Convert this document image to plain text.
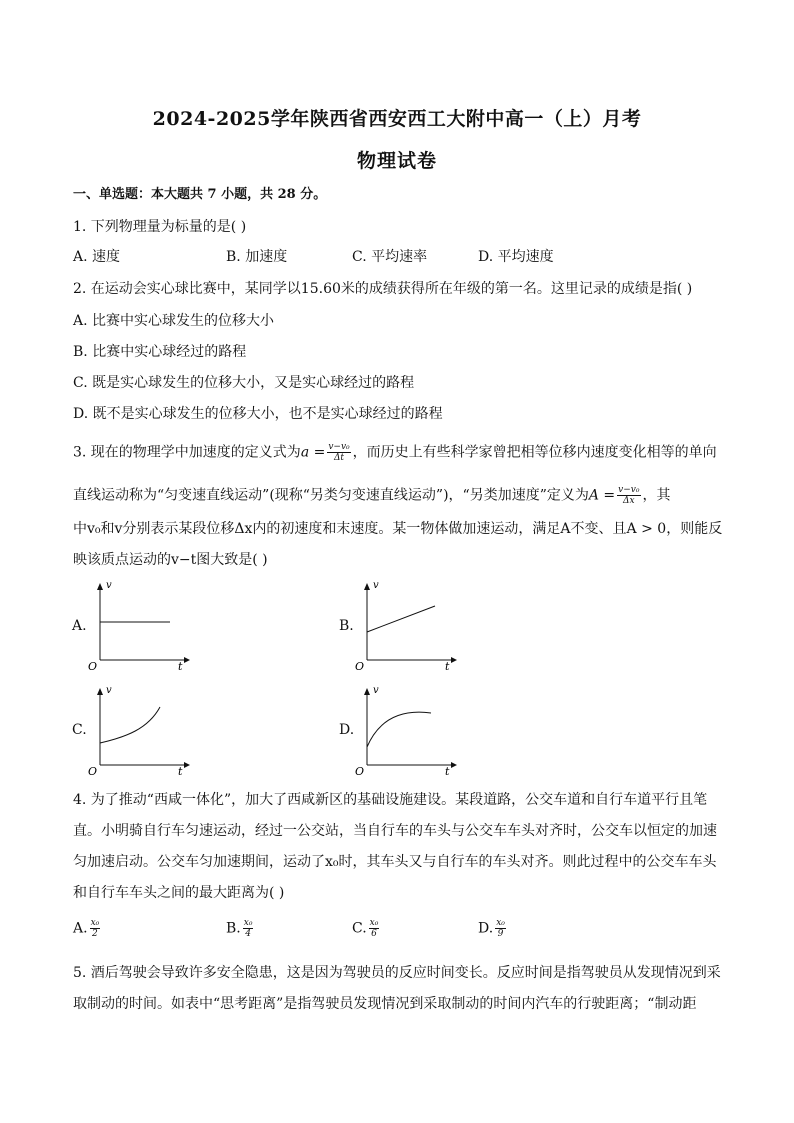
2024-2025学年陕西省西安西工大附中高一（上）月考
物理试卷
一、单选题：本大题共 7 小题，共 28 分。
1. 下列物理量为标量的是( )
A. 速度	B. 加速度	C. 平均速率	D. 平均速度
2. 在运动会实心球比赛中，某同学以15.60米的成绩获得所在年级的第一名。这里记录的成绩是指( )
A. 比赛中实心球发生的位移大小
B. 比赛中实心球经过的路程
C. 既是实心球发生的位移大小，又是实心球经过的路程
D. 既不是实心球发生的位移大小，也不是实心球经过的路程
3. 现在的物理学中加速度的定义式为$a = \frac{\text{v−v₀}}{\Delta t}$ ，而历史上有些科学家曾把相等位移内速度变化相等的单向
直线运动称为“匀变速直线运动”(现称“另类匀变速直线运动”)，“另类加速度”定义为$A = \frac{\text{v−v₀}}{\Delta x}$ ，其
中v₀和v分别表示某段位移Δx内的初速度和末速度。某一物体做加速运动，满足A不变、且A > 0，则能反
映该质点运动的v−t图大致是( )
A.
v
t
O
B.
v
t
O
C.
v
t
O
D.
v
t
O
4. 为了推动“西咸一体化”，加大了西咸新区的基础设施建设。某段道路，公交车道和自行车道平行且笔
直。小明骑自行车匀速运动，经过一公交站，当自行车的车头与公交车车头对齐时，公交车以恒定的加速
匀加速启动。公交车匀加速期间，运动了x₀时，其车头又与自行车的车头对齐。则此过程中的公交车车头
和自行车车头之间的最大距离为( )
A. $\frac{\text{x₀}}{2}$	B. $\frac{\text{x₀}}{4}$	C. $\frac{\text{x₀}}{6}$	D. $\frac{\text{x₀}}{9}$
5. 酒后驾驶会导致许多安全隐患，这是因为驾驶员的反应时间变长。反应时间是指驾驶员从发现情况到采
取制动的时间。如表中“思考距离”是指驾驶员发现情况到采取制动的时间内汽车的行驶距离；“制动距
